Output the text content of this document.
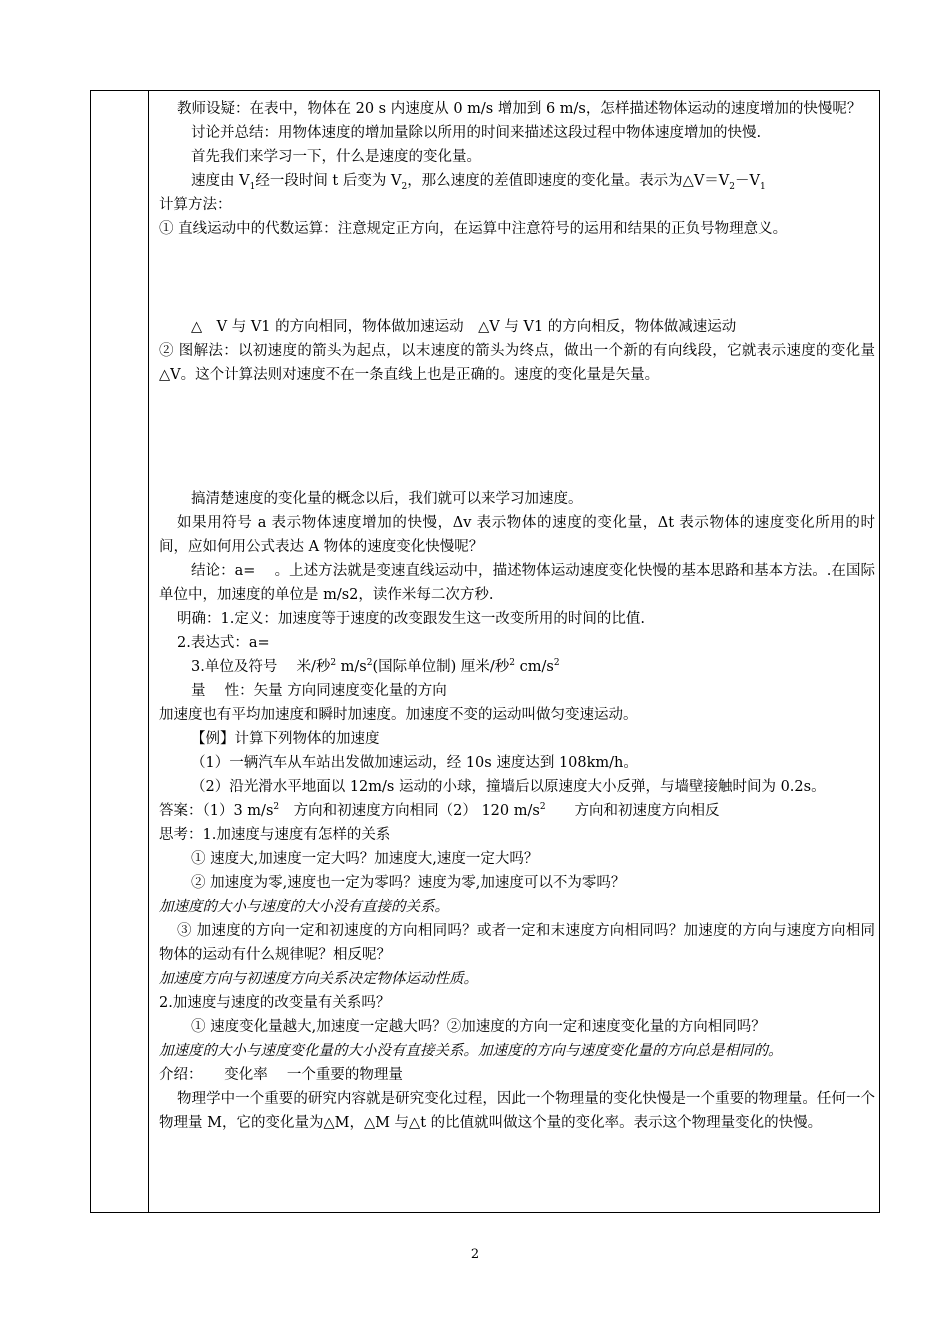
教师设疑：在表中，物体在 20 s 内速度从 0 m/s 增加到 6 m/s，怎样描述物体运动的速度增加的快慢呢？
讨论并总结：用物体速度的增加量除以所用的时间来描述这段过程中物体速度增加的快慢.
首先我们来学习一下，什么是速度的变化量。
速度由 $V_1$经一段时间 t 后变为 $V_2$，那么速度的差值即速度的变化量。表示为$\triangle V=V_2-V_1$
计算方法：
① 直线运动中的代数运算：注意规定正方向，在运算中注意符号的运用和结果的正负号物理意义。
△　V 与 V1 的方向相同，物体做加速运动　△V 与 V1 的方向相反，物体做减速运动
② 图解法：以初速度的箭头为起点，以末速度的箭头为终点，做出一个新的有向线段，它就表示速度的变化量△V。这个计算法则对速度不在一条直线上也是正确的。速度的变化量是矢量。
搞清楚速度的变化量的概念以后，我们就可以来学习加速度。
如果用符号 a 表示物体速度增加的快慢，Δv 表示物体的速度的变化量，Δt 表示物体的速度变化所用的时间，应如何用公式表达 A 物体的速度变化快慢呢？
结论：a=　 。上述方法就是变速直线运动中，描述物体运动速度变化快慢的基本思路和基本方法。.在国际单位中，加速度的单位是 m/s2，读作米每二次方秒.
明确：1.定义：加速度等于速度的改变跟发生这一改变所用的时间的比值.
2.表达式：a=
3.单位及符号　 米/秒$^2$ $m/s^2$(国际单位制) 厘米/秒$^2$ $cm/s^2$
量　 性：矢量 方向同速度变化量的方向
加速度也有平均加速度和瞬时加速度。加速度不变的运动叫做匀变速运动。
【例】计算下列物体的加速度
（1）一辆汽车从车站出发做加速运动，经 10s 速度达到 108km/h。
（2）沿光滑水平地面以 12m/s 运动的小球，撞墙后以原速度大小反弹，与墙壁接触时间为 0.2s。
答案：（1）3 $m/s^2$　方向和初速度方向相同（2） 120 $m/s^2$　　方向和初速度方向相反
思考：1.加速度与速度有怎样的关系
① 速度大,加速度一定大吗？加速度大,速度一定大吗？
② 加速度为零,速度也一定为零吗？速度为零,加速度可以不为零吗？
加速度的大小与速度的大小没有直接的关系。
③ 加速度的方向一定和初速度的方向相同吗？或者一定和末速度方向相同吗？加速度的方向与速度方向相同物体的运动有什么规律呢？相反呢？
加速度方向与初速度方向关系决定物体运动性质。
2.加速度与速度的改变量有关系吗？
① 速度变化量越大,加速度一定越大吗？②加速度的方向一定和速度变化量的方向相同吗？
加速度的大小与速度变化量的大小没有直接关系。加速度的方向与速度变化量的方向总是相同的。
介绍：　　变化率　 一个重要的物理量
物理学中一个重要的研究内容就是研究变化过程，因此一个物理量的变化快慢是一个重要的物理量。任何一个物理量 M，它的变化量为△M，△M 与△t 的比值就叫做这个量的变化率。表示这个物理量变化的快慢。
2
